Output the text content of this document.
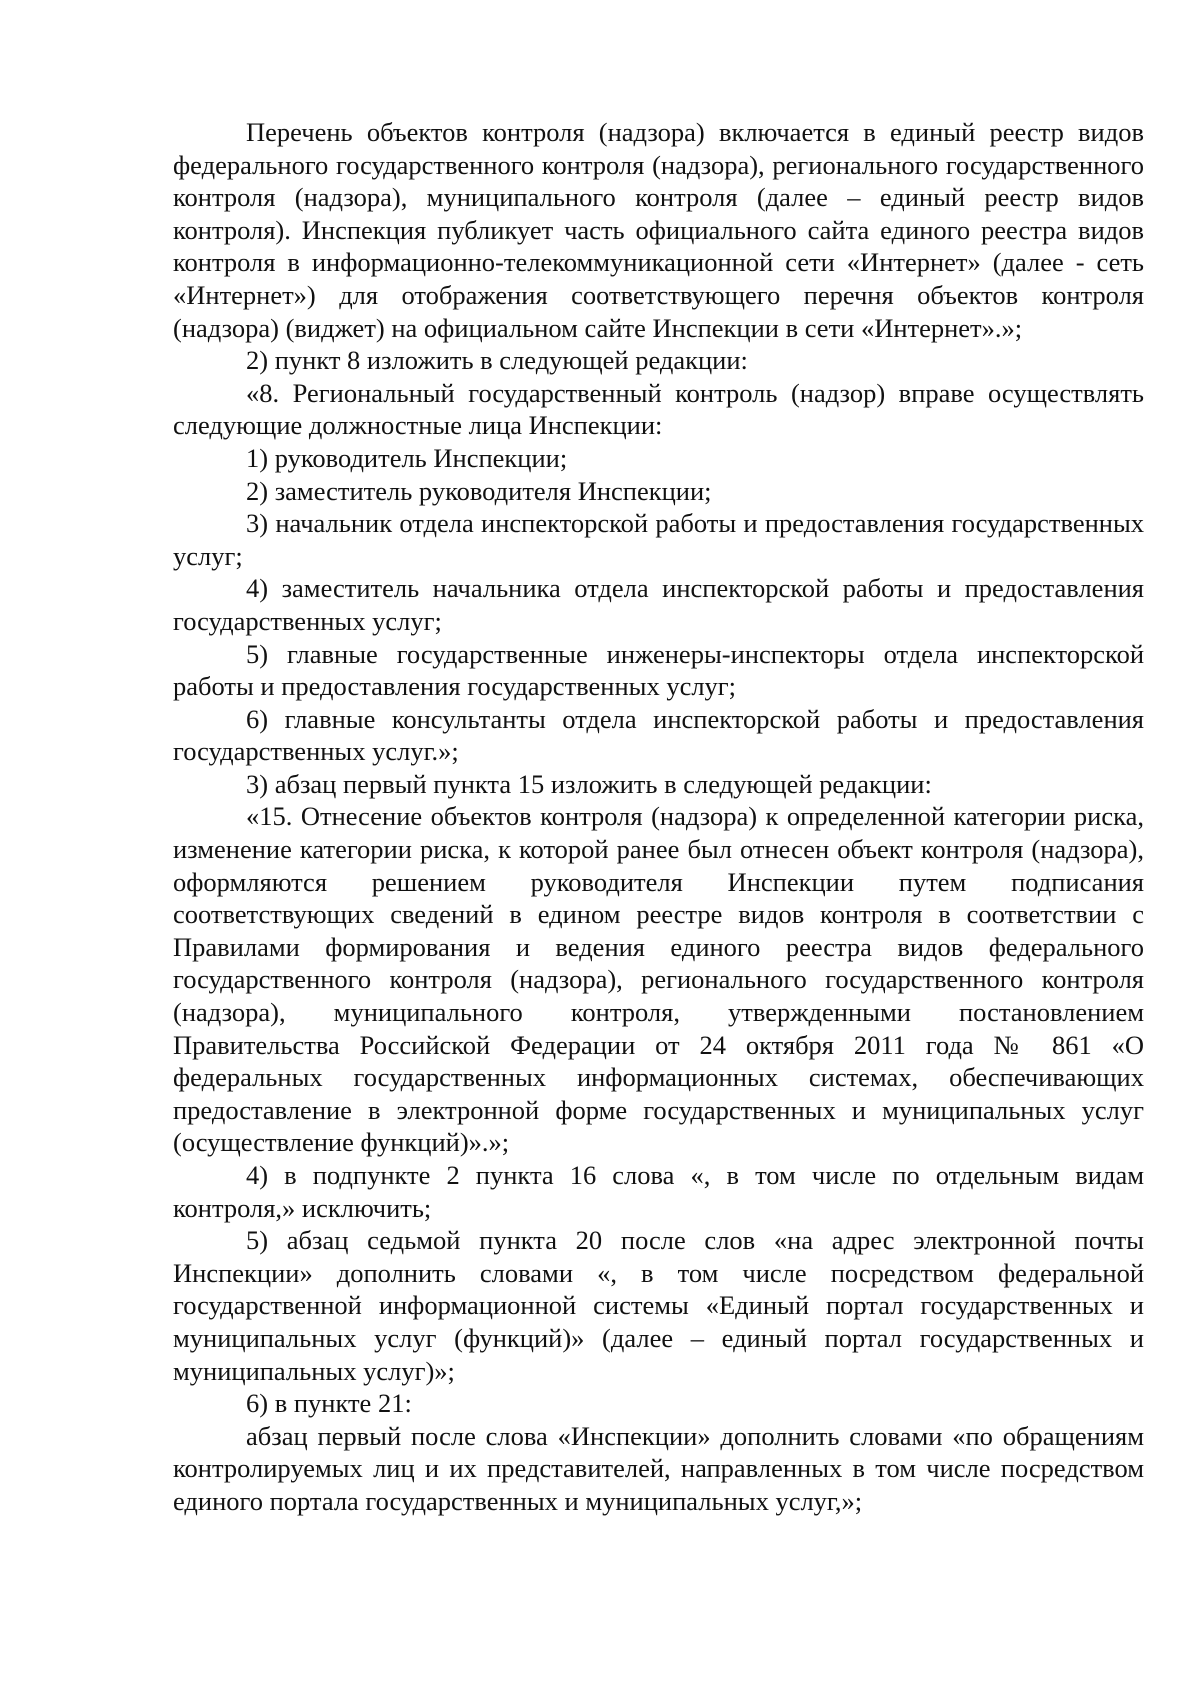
Перечень объектов контроля (надзора) включается в единый реестр видов федерального государственного контроля (надзора), регионального государственного контроля (надзора), муниципального контроля (далее – единый реестр видов контроля). Инспекция публикует часть официального сайта единого реестра видов контроля в информационно-телекоммуникационной сети «Интернет» (далее - сеть «Интернет») для отображения соответствующего перечня объектов контроля (надзора) (виджет) на официальном сайте Инспекции в сети «Интернет».»;

2) пункт 8 изложить в следующей редакции:

«8. Региональный государственный контроль (надзор) вправе осуществлять следующие должностные лица Инспекции:

1) руководитель Инспекции;

2) заместитель руководителя Инспекции;

3) начальник отдела инспекторской работы и предоставления государственных услуг;

4) заместитель начальника отдела инспекторской работы и предоставления государственных услуг;

5) главные государственные инженеры-инспекторы отдела инспекторской работы и предоставления государственных услуг;

6) главные консультанты отдела инспекторской работы и предоставления государственных услуг.»;

3) абзац первый пункта 15 изложить в следующей редакции:

«15. Отнесение объектов контроля (надзора) к определенной категории риска, изменение категории риска, к которой ранее был отнесен объект контроля (надзора), оформляются решением руководителя Инспекции путем подписания соответствующих сведений в едином реестре видов контроля в соответствии с Правилами формирования и ведения единого реестра видов федерального государственного контроля (надзора), регионального государственного контроля (надзора), муниципального контроля, утвержденными постановлением Правительства Российской Федерации от 24 октября 2011 года № 861 «О федеральных государственных информационных системах, обеспечивающих предоставление в электронной форме государственных и муниципальных услуг (осуществление функций)».»;

4) в подпункте 2 пункта 16 слова «, в том числе по отдельным видам контроля,» исключить;

5) абзац седьмой пункта 20 после слов «на адрес электронной почты Инспекции» дополнить словами «, в том числе посредством федеральной государственной информационной системы «Единый портал государственных и муниципальных услуг (функций)» (далее – единый портал государственных и муниципальных услуг)»;

6) в пункте 21:

абзац первый после слова «Инспекции» дополнить словами «по обращениям контролируемых лиц и их представителей, направленных в том числе посредством единого портала государственных и муниципальных услуг,»;
